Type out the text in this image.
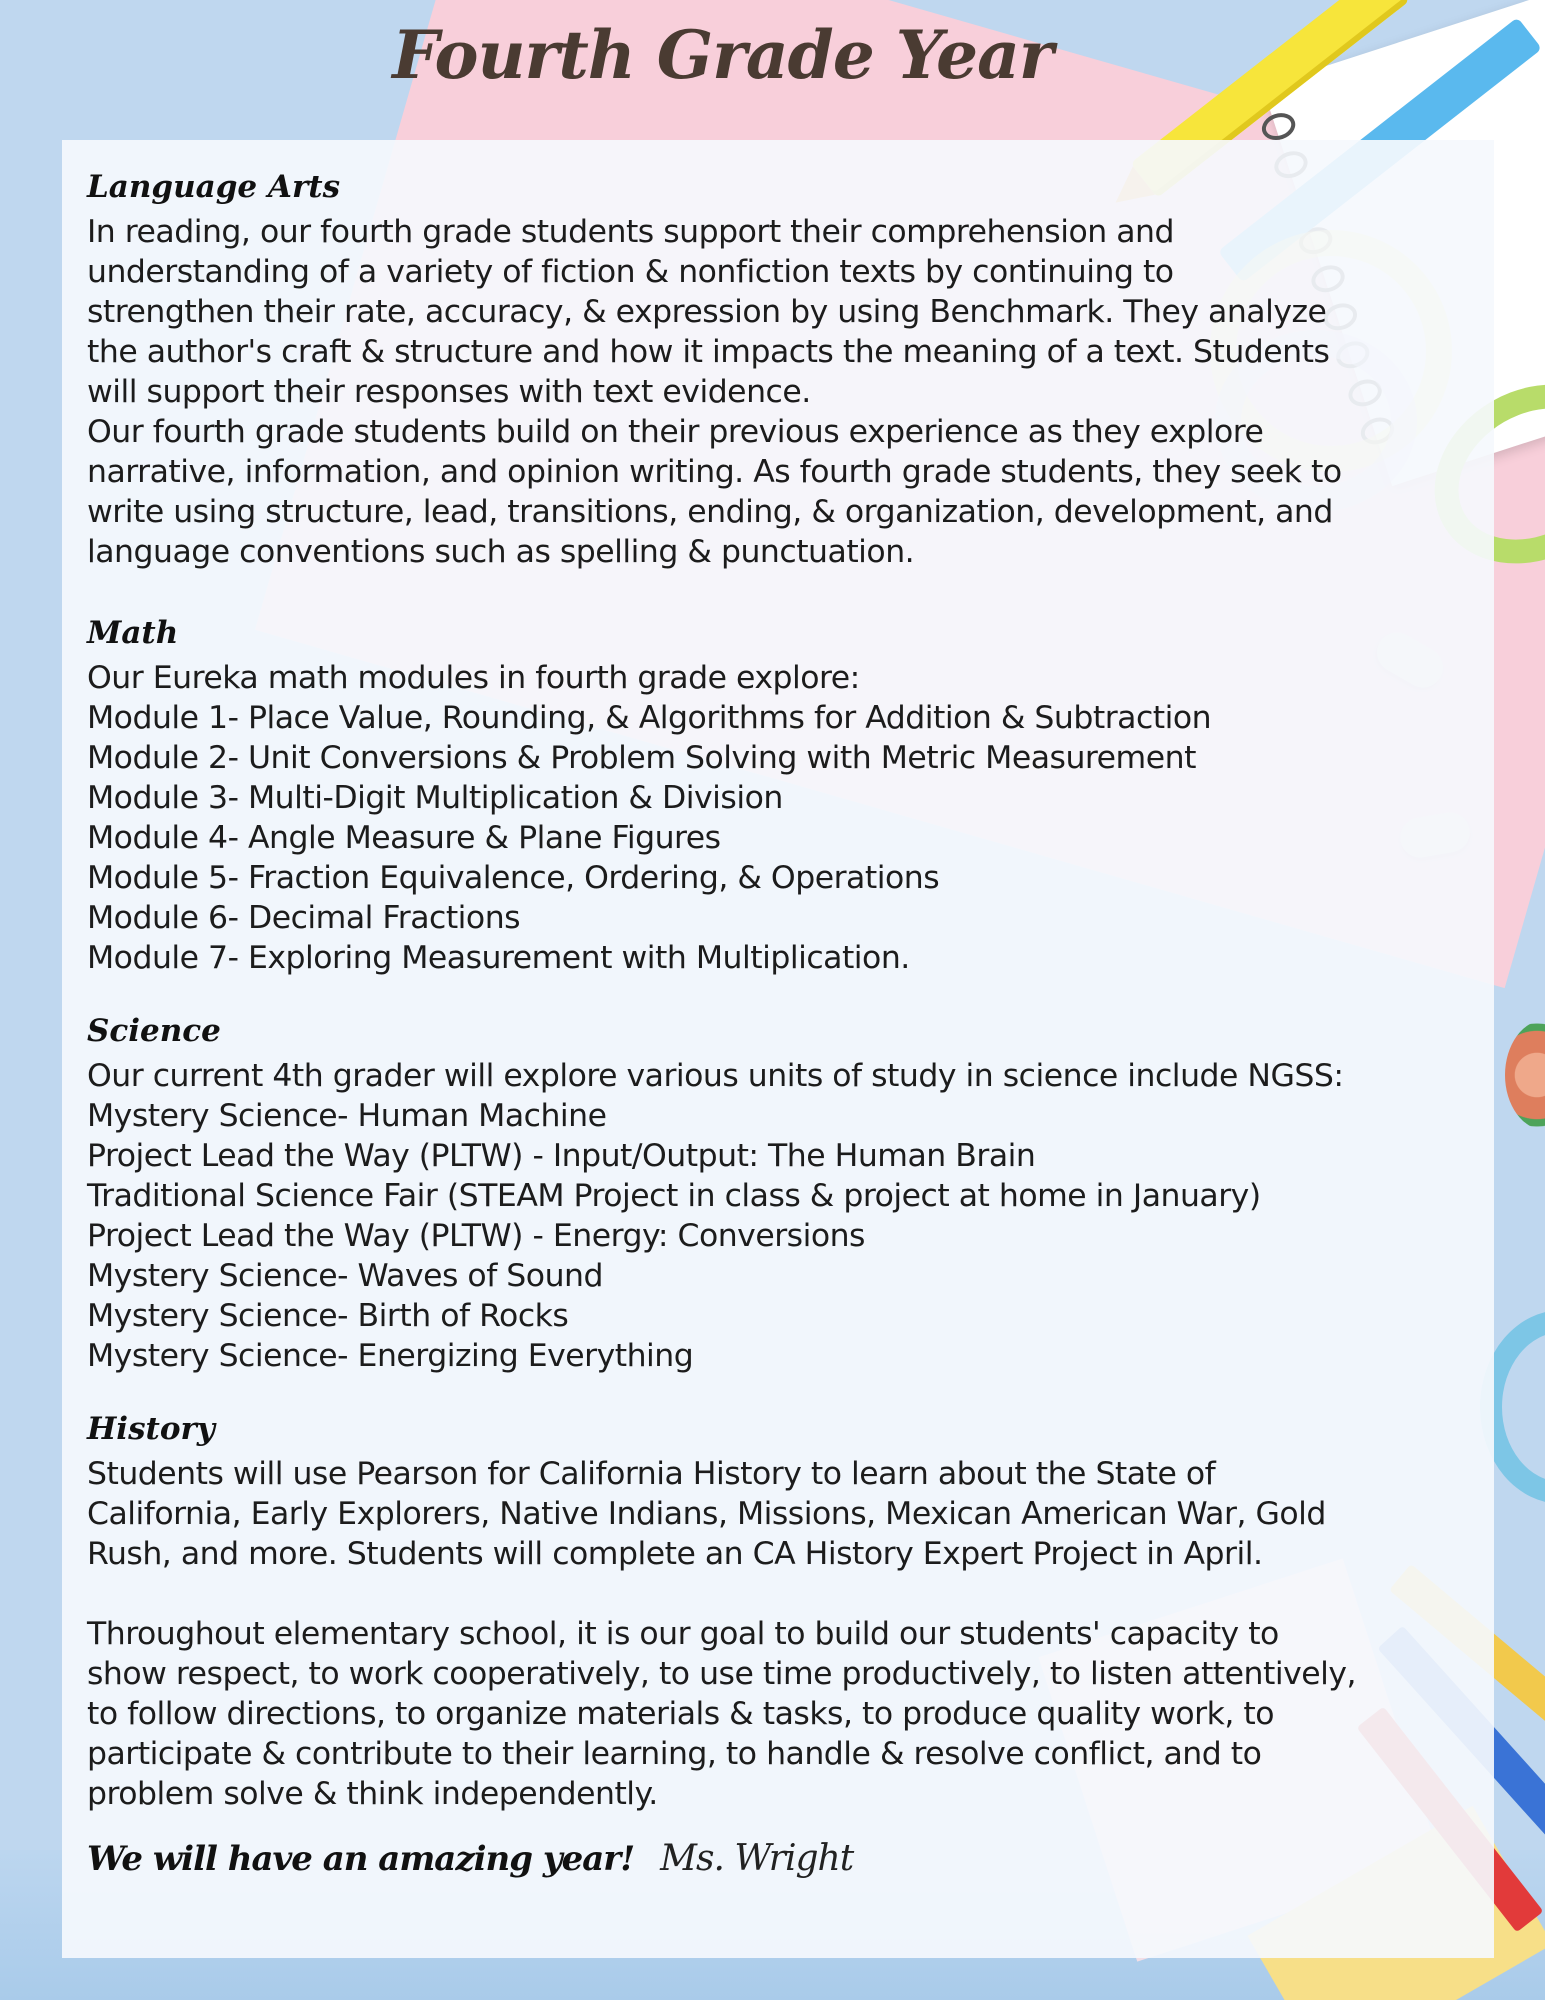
Fourth Grade Year
Language Arts

In reading, our fourth grade students support their comprehension and

understanding of a variety of fiction & nonfiction texts by continuing to

strengthen their rate, accuracy, & expression by using Benchmark. They analyze

the author's craft & structure and how it impacts the meaning of a text. Students

will support their responses with text evidence.

Our fourth grade students build on their previous experience as they explore

narrative, information, and opinion writing. As fourth grade students, they seek to

write using structure, lead, transitions, ending, & organization, development, and

language conventions such as spelling & punctuation.

Math

Our Eureka math modules in fourth grade explore:

Module 1- Place Value, Rounding, & Algorithms for Addition & Subtraction

Module 2- Unit Conversions & Problem Solving with Metric Measurement

Module 3- Multi-Digit Multiplication & Division

Module 4- Angle Measure & Plane Figures

Module 5- Fraction Equivalence, Ordering, & Operations

Module 6- Decimal Fractions

Module 7- Exploring Measurement with Multiplication.

Science

Our current 4th grader will explore various units of study in science include NGSS:

Mystery Science- Human Machine

Project Lead the Way (PLTW) - Input/Output: The Human Brain

Traditional Science Fair (STEAM Project in class & project at home in January)

Project Lead the Way (PLTW) - Energy: Conversions

Mystery Science- Waves of Sound

Mystery Science- Birth of Rocks

Mystery Science- Energizing Everything

History

Students will use Pearson for California History to learn about the State of

California, Early Explorers, Native Indians, Missions, Mexican American War, Gold

Rush, and more. Students will complete an CA History Expert Project in April.

Throughout elementary school, it is our goal to build our students' capacity to

show respect, to work cooperatively, to use time productively, to listen attentively,

to follow directions, to organize materials & tasks, to produce quality work, to

participate & contribute to their learning, to handle & resolve conflict, and to

problem solve & think independently.

We will have an amazing year! Ms. Wright
